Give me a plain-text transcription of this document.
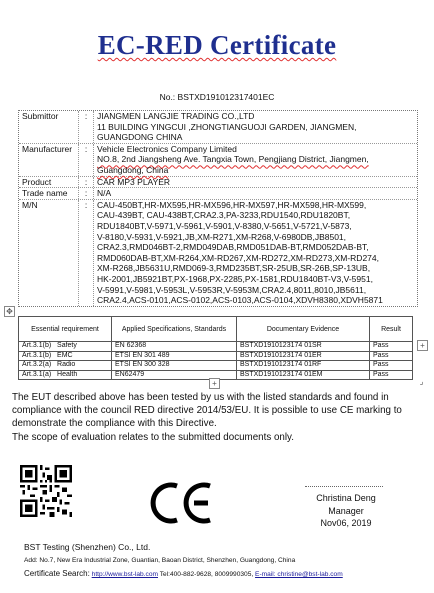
EC-RED Certificate
No.: BSTXD191012317401EC
✥
Submittor	:	JIANGMEN LANGJIE TRADING CO.,LTD
11 BUILDING YINGCUI ,ZHONGTIANGUOJI GARDEN, JIANGMEN,
GUANGDONG CHINA
Manufacturer	:	Vehicle Electronics Company Limited
NO.8, 2nd Jiangsheng Ave. Tangxia Town, Pengjiang District, Jiangmen,
Guangdong, China
Product	:	CAR MP3 PLAYER
Trade name	:	N/A
M/N	:	CAU-450BT,HR-MX595,HR-MX596,HR-MX597,HR-MX598,HR-MX599,
CAU-439BT, CAU-438BT,CRA2.3,PA-3233,RDU1540,RDU1820BT,
RDU1840BT,V-5971,V-5961,V-5901,V-8380,V-5651,V-5721,V-5873,
V-8180,V-5931,V-5921,JB,XM-R271,XM-R268,V-6980DB,JB8501,
CRA2.3,RMD046BT-2,RMD049DAB,RMD051DAB-BT,RMD052DAB-BT,
RMD060DAB-BT,XM-R264,XM-RD267,XM-RD272,XM-RD273,XM-RD274,
XM-R268,JB5631U,RMD069-3,RMD235BT,SR-25UB,SR-26B,SP-13UB,
HK-2001,JB5921BT,PX-1968,PX-2285,PX-1581,RDU1840BT-V3,V-5951,
V-5991,V-5981,V-5953L,V-5953R,V-5953M,CRA2.4,8011,8010,JB5611,
CRA2.4,ACS-0101,ACS-0102,ACS-0103,ACS-0104,XDVH8380,XDVH5871
Essential requirement	Applied Specifications, Standards	Documentary Evidence	Result
Art.3.1(b) Safety	EN 62368	BSTXD1910123174 01SR	Pass
Art.3.1(b) EMC	ETSI EN 301 489	BSTXD1910123174 01ER	Pass
Art.3.2(a) Radio	ETSI EN 300 328	BSTXD1910123174 01RF	Pass
Art.3.1(a) Health	EN62479	BSTXD1910123174 01EM	Pass
+
+	⌟
The EUT described above has been tested by us with the listed standards and found in
compliance with the council RED directive 2014/53/EU. It is possible to use CE marking to
demonstrate the compliance with this Directive.
The scope of evaluation relates to the submitted documents only.
Christina Deng
Manager
Nov06, 2019
BST Testing (Shenzhen) Co., Ltd.
Add: No.7, New Era Industrial Zone, Guantian, Baoan District, Shenzhen, Guangdong, China
Certificate Search: http://www.bst-lab.com Tel:400-882-9628, 8009990305, E-mail: christine@bst-lab.com
